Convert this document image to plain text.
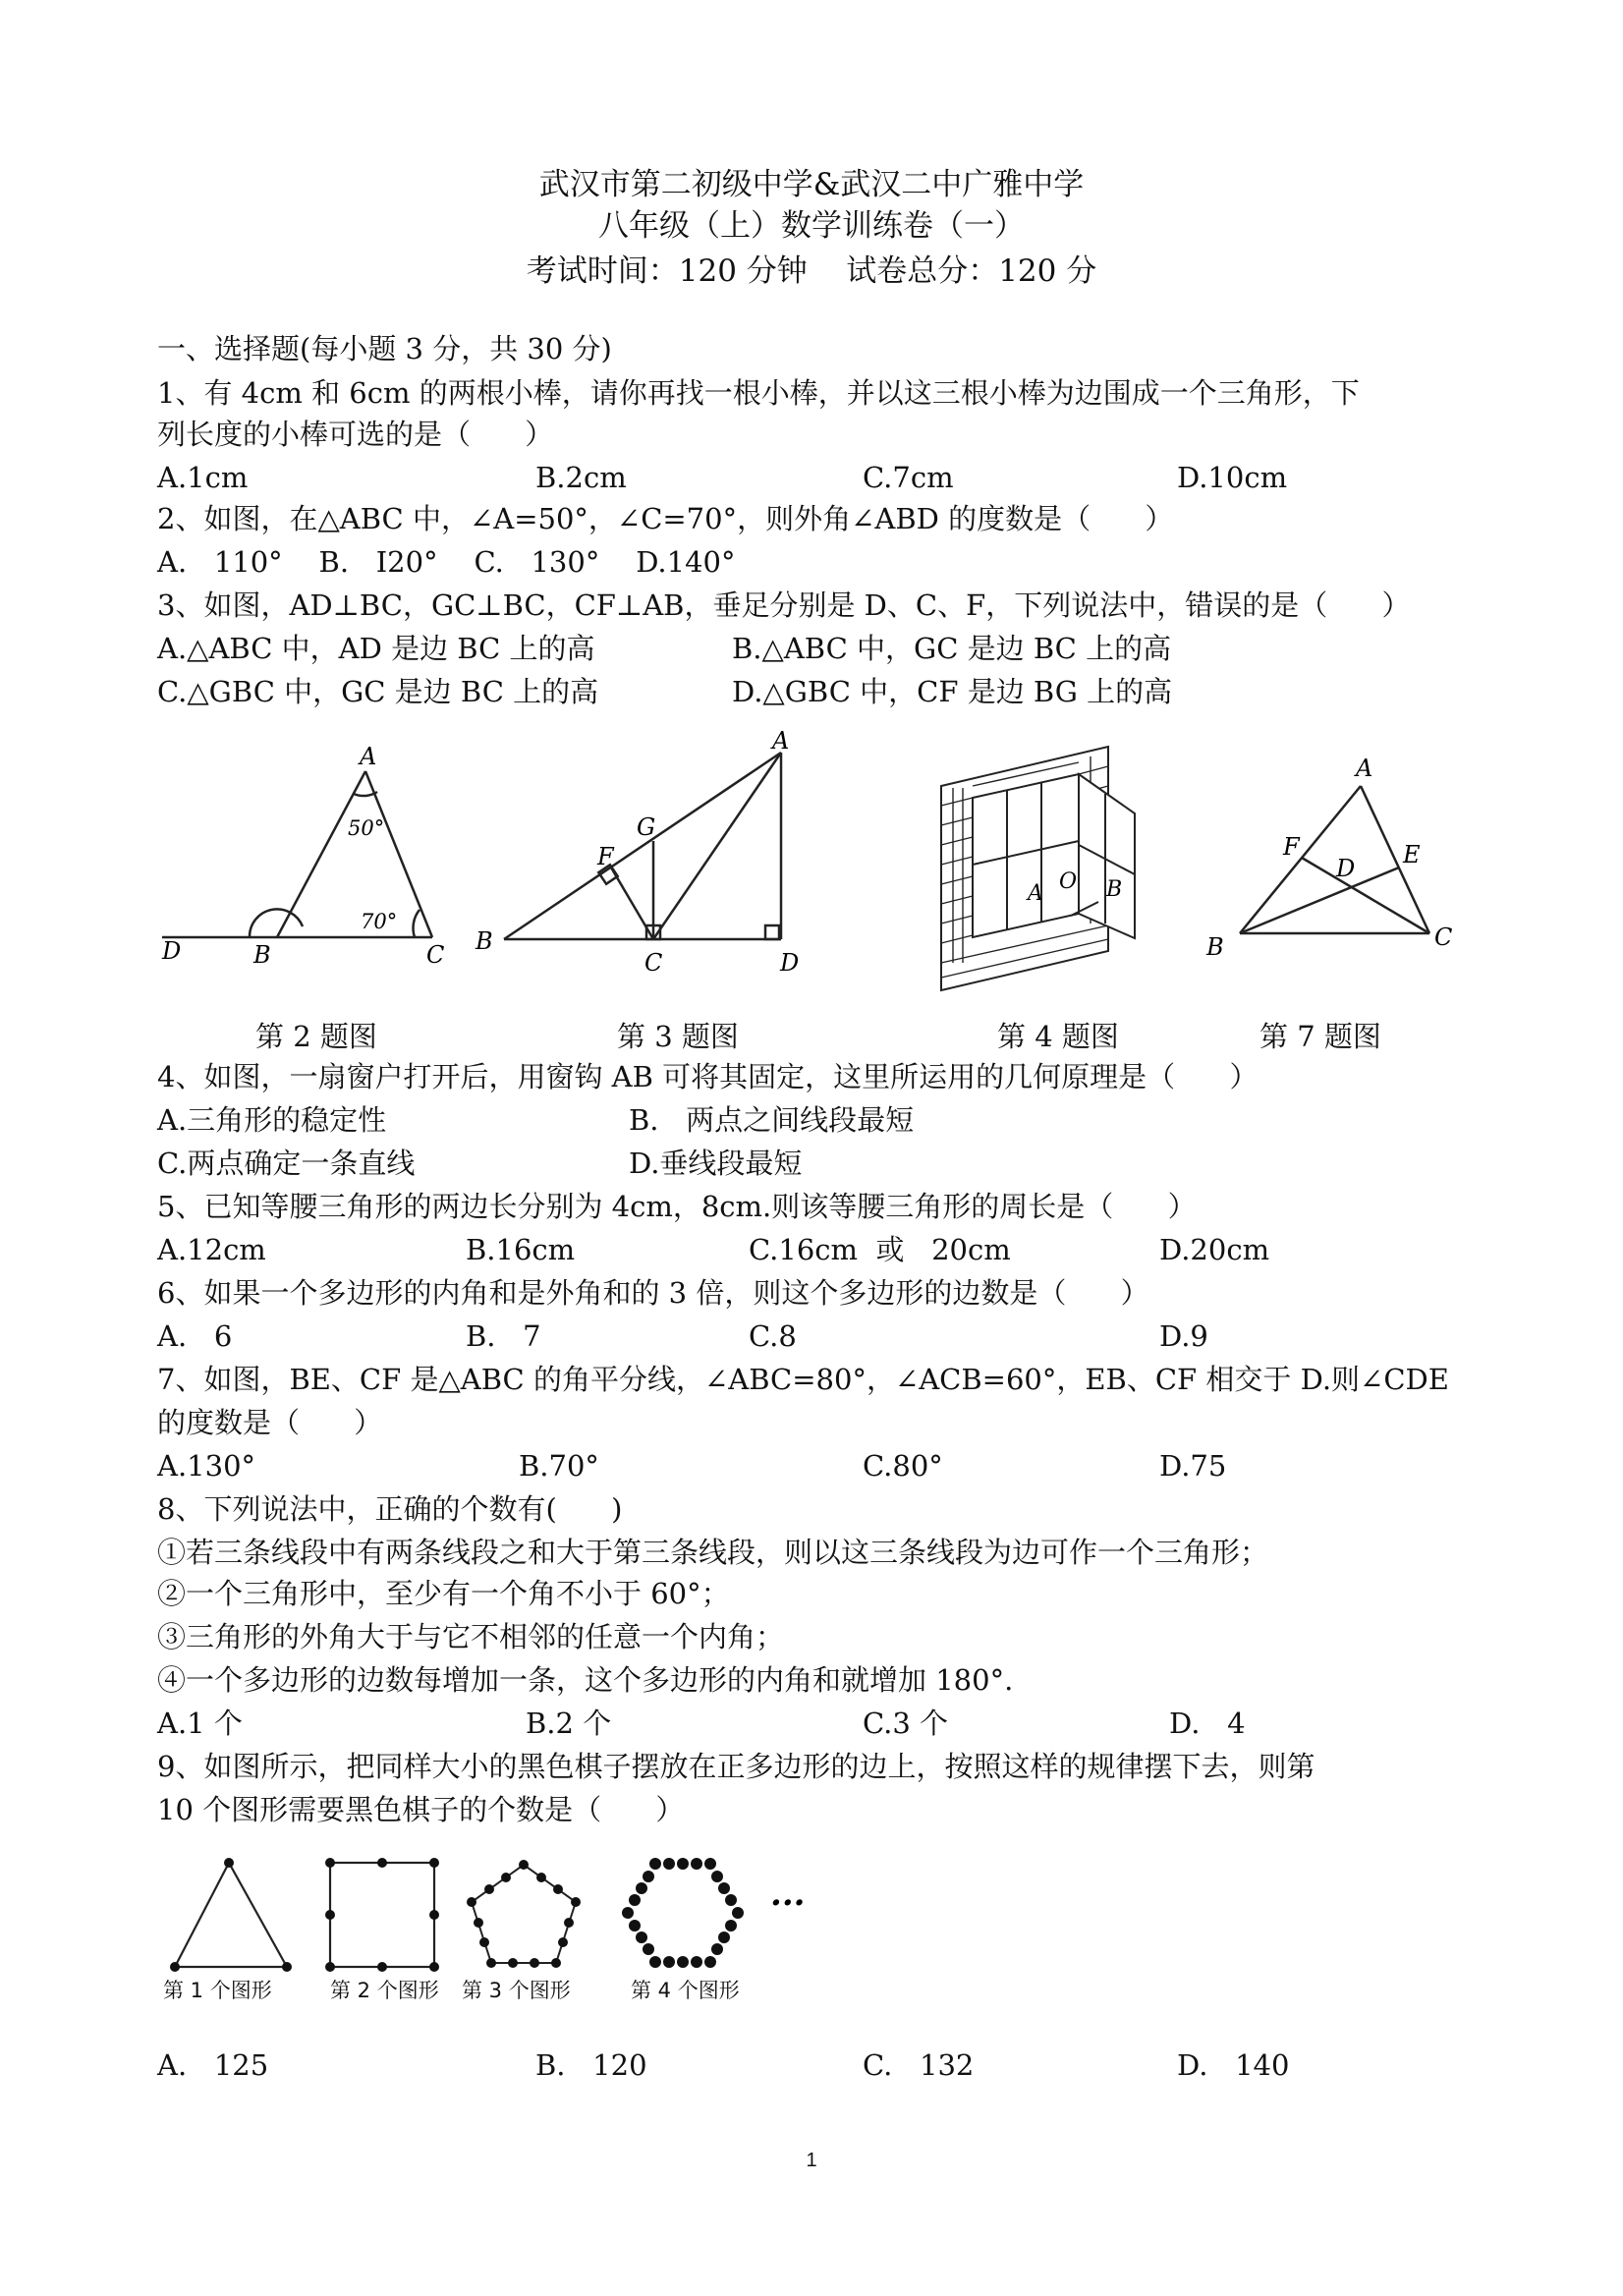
武汉市第二初级中学&武汉二中广雅中学
八年级（上）数学训练卷（一）
考试时间：120 分钟    试卷总分：120 分
一、选择题(每小题 3 分，共 30 分)
1、有 4cm 和 6cm 的两根小棒，请你再找一根小棒，并以这三根小棒为边围成一个三角形，下
列长度的小棒可选的是（      ）
A.1cm	B.2cm	C.7cm	D.10cm
2、如图，在△ABC 中，∠A=50°，∠C=70°，则外角∠ABD 的度数是（      ）
A.   110°    B.   I20°    C.   130°    D.140°
3、如图，AD⊥BC，GC⊥BC，CF⊥AB，垂足分别是 D、C、F，下列说法中，错误的是（      ）
A.△ABC 中，AD 是边 BC 上的高	B.△ABC 中，GC 是边 BC 上的高
C.△GBC 中，GC 是边 BC 上的高	D.△GBC 中，CF 是边 BG 上的高
A
B	C
D
50°
70°
A
B
C	D
F
G
A O B
A
B	C
D E
F
第 2 题图	第 3 题图	第 4 题图	第 7 题图
4、如图，一扇窗户打开后，用窗钩 AB 可将其固定，这里所运用的几何原理是（      ）
A.三角形的稳定性	B.   两点之间线段最短
C.两点确定一条直线	D.垂线段最短
5、已知等腰三角形的两边长分别为 4cm，8cm.则该等腰三角形的周长是（      ）
A.12cm	B.16cm	C.16cm  或   20cm	D.20cm
6、如果一个多边形的内角和是外角和的 3 倍，则这个多边形的边数是（      ）
A.   6	B.   7	C.8	D.9
7、如图，BE、CF 是△ABC 的角平分线，∠ABC=80°，∠ACB=60°，EB、CF 相交于 D.则∠CDE
的度数是（      ）
A.130°	B.70°	C.80°	D.75
8、下列说法中，正确的个数有(      )
①若三条线段中有两条线段之和大于第三条线段，则以这三条线段为边可作一个三角形；
②一个三角形中，至少有一个角不小于 60°；
③三角形的外角大于与它不相邻的任意一个内角；
④一个多边形的边数每增加一条，这个多边形的内角和就增加 180°.
A.1 个	B.2 个	C.3 个	D.   4
9、如图所示，把同样大小的黑色棋子摆放在正多边形的边上，按照这样的规律摆下去，则第
10 个图形需要黑色棋子的个数是（      ）
···
第 1 个图形	第 2 个图形 第 3 个图形	第 4 个图形
A.   125	B.   120	C.   132	D.   140
1
